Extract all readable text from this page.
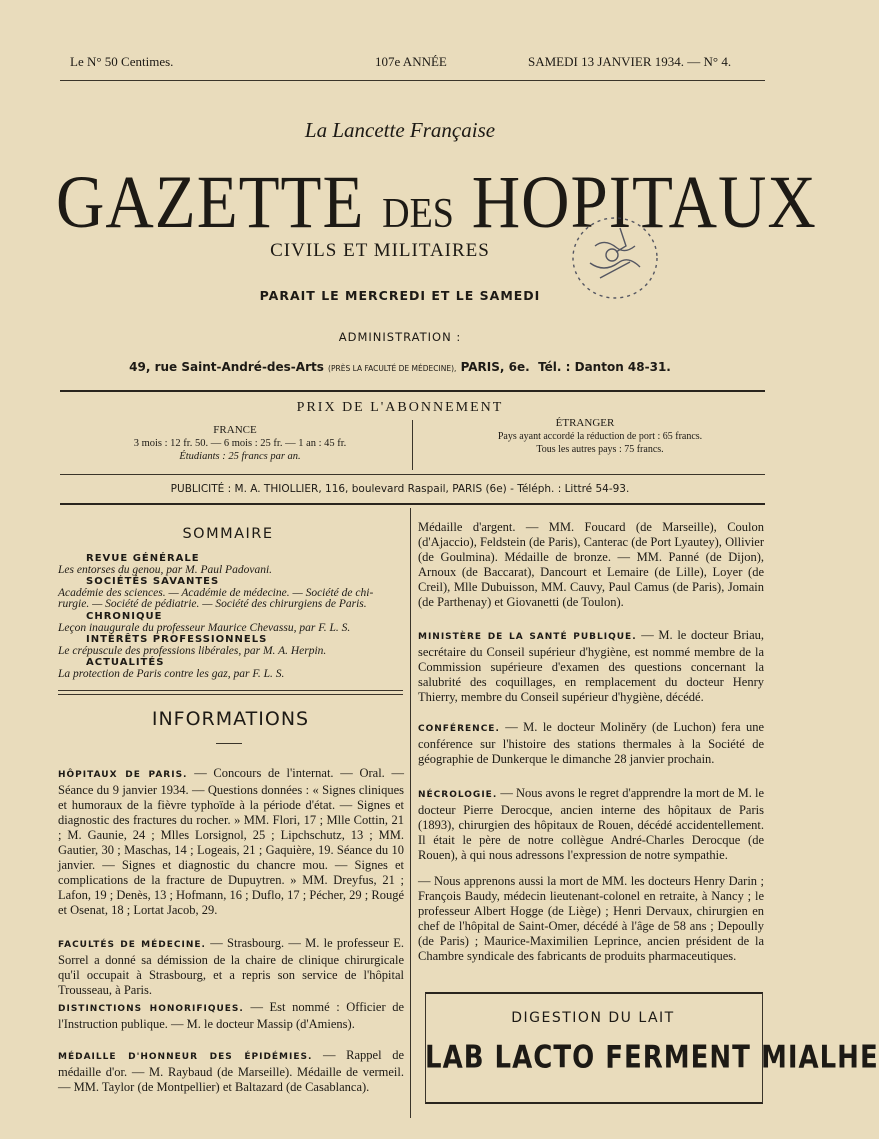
Le N° 50 Centimes.	107e ANNÉE	SAMEDI 13 JANVIER 1934. — N° 4.
La Lancette Française
GAZETTE DES HOPITAUX
CIVILS ET MILITAIRES
PARAIT LE MERCREDI ET LE SAMEDI
ADMINISTRATION :
49, rue Saint-André-des-Arts (PRÈS LA FACULTÉ DE MÉDECINE), PARIS, 6e. Tél. : Danton 48-31.
PRIX DE L'ABONNEMENT
FRANCE
3 mois : 12 fr. 50. — 6 mois : 25 fr. — 1 an : 45 fr.
Étudiants : 25 francs par an.
ÉTRANGER
Pays ayant accordé la réduction de port : 65 francs.
Tous les autres pays : 75 francs.
PUBLICITÉ : M. A. THIOLLIER, 116, boulevard Raspail, PARIS (6e) - Téléph. : Littré 54-93.
SOMMAIRE
REVUE GÉNÉRALE
Les entorses du genou, par M. Paul Padovani.
SOCIÉTÉS SAVANTES
Académie des sciences. — Académie de médecine. — Société de chi-
rurgie. — Société de pédiatrie. — Société des chirurgiens de Paris.
CHRONIQUE
Leçon inaugurale du professeur Maurice Chevassu, par F. L. S.
INTÉRÊTS PROFESSIONNELS
Le crépuscule des professions libérales, par M. A. Herpin.
ACTUALITÉS
La protection de Paris contre les gaz, par F. L. S.
INFORMATIONS
HÔPITAUX DE PARIS. — Concours de l'internat. — Oral. — Séance du 9 janvier 1934. — Questions données : « Signes cliniques et humoraux de la fièvre typhoïde à la période d'état. — Signes et diagnostic des fractures du rocher. » MM. Flori, 17 ; Mlle Cottin, 21 ; M. Gaunie, 24 ; Mlles Lorsignol, 25 ; Lipchschutz, 13 ; MM. Gautier, 30 ; Maschas, 14 ; Logeais, 21 ; Gaquière, 19. Séance du 10 janvier. — Signes et diagnostic du chancre mou. — Signes et complications de la fracture de Dupuytren. » MM. Dreyfus, 21 ; Lafon, 19 ; Denès, 13 ; Hofmann, 16 ; Duflo, 17 ; Pécher, 29 ; Rougé et Osenat, 18 ; Lortat Jacob, 29.
FACULTÉS DE MÉDECINE. — Strasbourg. — M. le professeur E. Sorrel a donné sa démission de la chaire de clinique chirurgicale qu'il occupait à Strasbourg, et a repris son service de l'hôpital Trousseau, à Paris.
DISTINCTIONS HONORIFIQUES. — Est nommé : Officier de l'Instruction publique. — M. le docteur Massip (d'Amiens).
MÉDAILLE D'HONNEUR DES ÉPIDÉMIES. — Rappel de médaille d'or. — M. Raybaud (de Marseille). Médaille de vermeil. — MM. Taylor (de Montpellier) et Baltazard (de Casablanca).
Médaille d'argent. — MM. Foucard (de Marseille), Coulon (d'Ajaccio), Feldstein (de Paris), Canterac (de Port Lyautey), Ollivier (de Goulmina). Médaille de bronze. — MM. Panné (de Dijon), Arnoux (de Baccarat), Dancourt et Lemaire (de Lille), Loyer (de Creil), Mlle Dubuisson, MM. Cauvy, Paul Camus (de Paris), Jomain (de Parthenay) et Giovanetti (de Toulon).
MINISTÈRE DE LA SANTÉ PUBLIQUE. — M. le docteur Briau, secrétaire du Conseil supérieur d'hygiène, est nommé membre de la Commission supérieure d'examen des questions concernant la salubrité des coquillages, en remplacement du docteur Henry Thierry, membre du Conseil supérieur d'hygiène, décédé.
CONFÉRENCE. — M. le docteur Moliněry (de Luchon) fera une conférence sur l'histoire des stations thermales à la Société de géographie de Dunkerque le dimanche 28 janvier prochain.
NÉCROLOGIE. — Nous avons le regret d'apprendre la mort de M. le docteur Pierre Derocque, ancien interne des hôpitaux de Paris (1893), chirurgien des hôpitaux de Rouen, décédé accidentellement. Il était le père de notre collègue André-Charles Derocque (de Rouen), à qui nous adressons l'expression de notre sympathie.
— Nous apprenons aussi la mort de MM. les docteurs Henry Darin ; François Baudy, médecin lieutenant-colonel en retraite, à Nancy ; le professeur Albert Hogge (de Liège) ; Henri Dervaux, chirurgien en chef de l'hôpital de Saint-Omer, décédé à l'âge de 58 ans ; Depoully (de Paris) ; Maurice-Maximilien Leprince, ancien président de la Chambre syndicale des fabricants de produits pharmaceutiques.
DIGESTION DU LAIT
LAB LACTO FERMENT MIALHE
